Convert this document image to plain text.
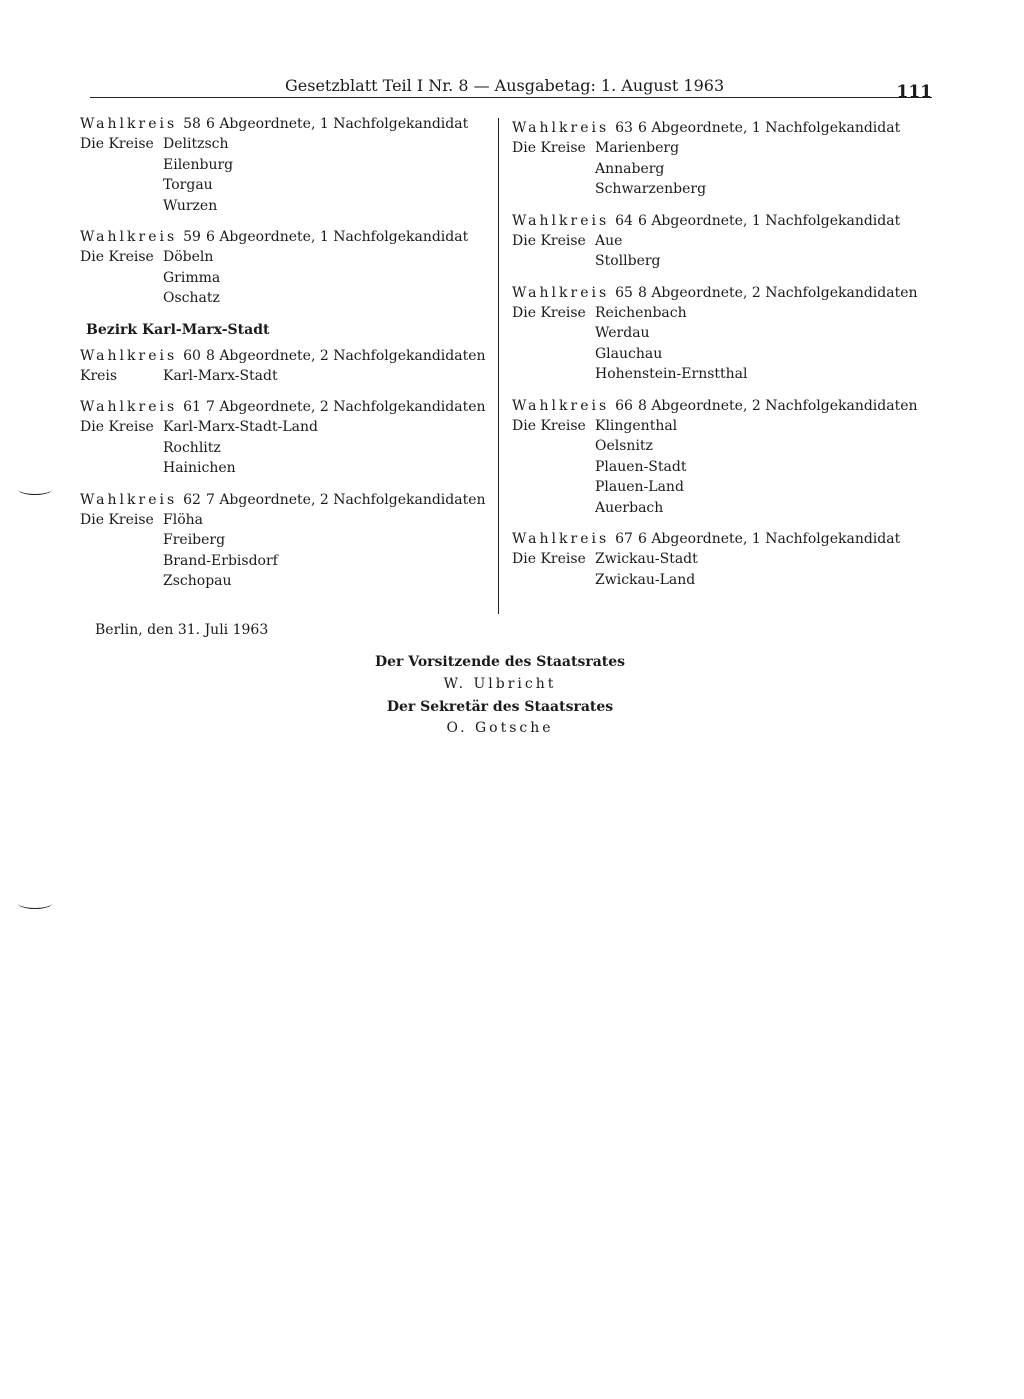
Gesetzblatt Teil I Nr. 8 — Ausgabetag: 1. August 1963	111
Wahlkreis 58 6 Abgeordnete, 1 Nachfolgekandidat
Die Kreise Delitzsch
Eilenburg
Torgau
Wurzen
Wahlkreis 59 6 Abgeordnete, 1 Nachfolgekandidat
Die Kreise Döbeln
Grimma
Oschatz
Bezirk Karl-Marx-Stadt
Wahlkreis 60 8 Abgeordnete, 2 Nachfolgekandidaten
Kreis	Karl-Marx-Stadt
Wahlkreis 61 7 Abgeordnete, 2 Nachfolgekandidaten
Die Kreise Karl-Marx-Stadt-Land
Rochlitz
Hainichen
Wahlkreis 62 7 Abgeordnete, 2 Nachfolgekandidaten
Die Kreise Flöha
Freiberg
Brand-Erbisdorf
Zschopau
Wahlkreis 63 6 Abgeordnete, 1 Nachfolgekandidat
Die Kreise Marienberg
Annaberg
Schwarzenberg
Wahlkreis 64 6 Abgeordnete, 1 Nachfolgekandidat
Die Kreise Aue
Stollberg
Wahlkreis 65 8 Abgeordnete, 2 Nachfolgekandidaten
Die Kreise Reichenbach
Werdau
Glauchau
Hohenstein-Ernstthal
Wahlkreis 66 8 Abgeordnete, 2 Nachfolgekandidaten
Die Kreise Klingenthal
Oelsnitz
Plauen-Stadt
Plauen-Land
Auerbach
Wahlkreis 67 6 Abgeordnete, 1 Nachfolgekandidat
Die Kreise Zwickau-Stadt
Zwickau-Land
Berlin, den 31. Juli 1963
Der Vorsitzende des Staatsrates
W. Ulbricht
Der Sekretär des Staatsrates
O. Gotsche
